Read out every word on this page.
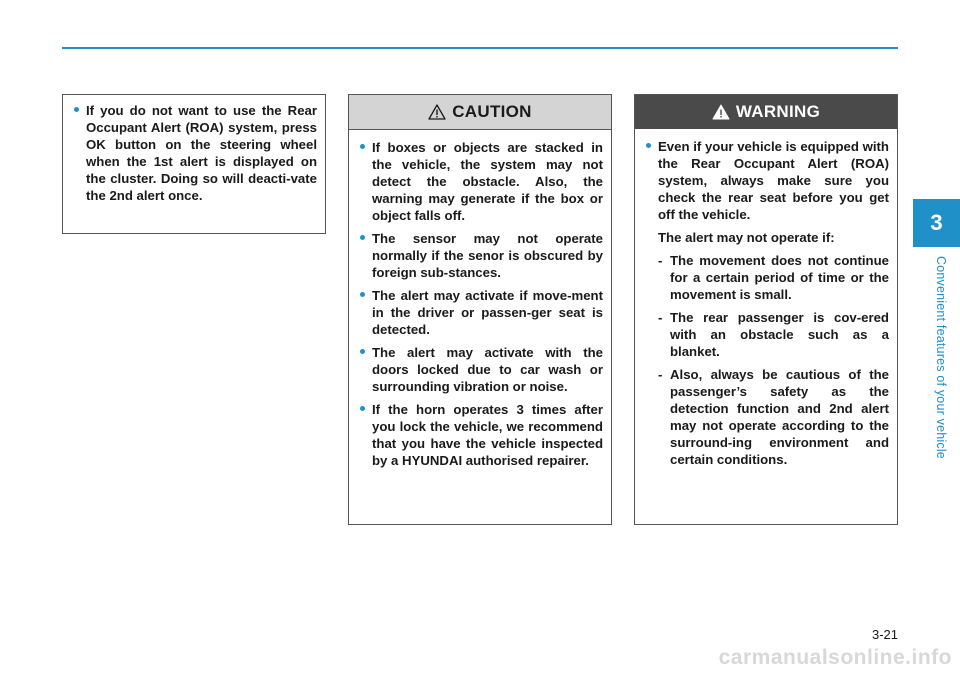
3
Convenient features of your vehicle
If you do not want to use the Rear Occupant Alert (ROA) system, press OK button on the steering wheel when the 1st alert is displayed on the cluster. Doing so will deacti-vate the 2nd alert once.
CAUTION
If boxes or objects are stacked in the vehicle, the system may not detect the obstacle. Also, the warning may generate if the box or object falls off.
The sensor may not operate normally if the senor is obscured by foreign sub-stances.
The alert may activate if move-ment in the driver or passen-ger seat is detected.
The alert may activate with the doors locked due to car wash or surrounding vibration or noise.
If the horn operates 3 times after you lock the vehicle, we recommend that you have the vehicle inspected by a HYUNDAI authorised repairer.
WARNING
Even if your vehicle is equipped with the Rear Occupant Alert (ROA) system, always make sure you check the rear seat before you get off the vehicle.
The alert may not operate if:
- The movement does not continue for a certain period of time or the movement is small.
- The rear passenger is cov-ered with an obstacle such as a blanket.
- Also, always be cautious of the passenger’s safety as the detection function and 2nd alert may not operate according to the surround-ing environment and certain conditions.
3-21
carmanualsonline.info
